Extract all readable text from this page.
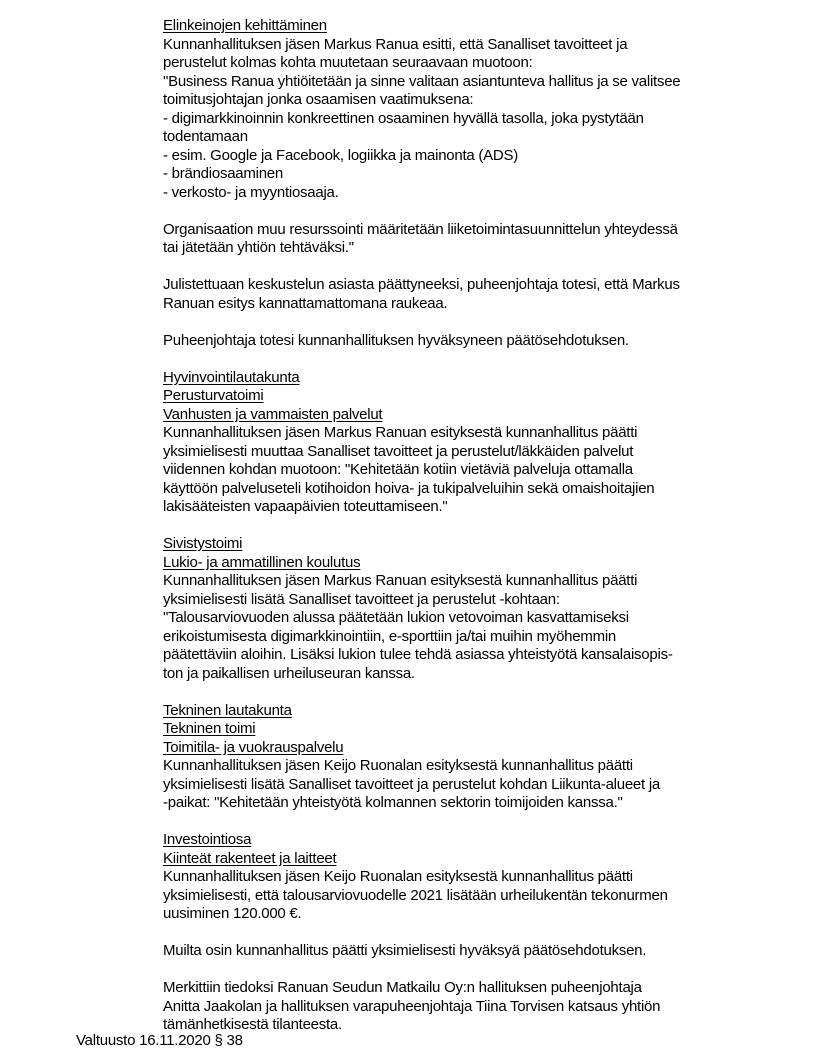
Elinkeinojen kehittäminen
Kunnanhallituksen jäsen Markus Ranua esitti, että Sanalliset tavoitteet ja
perustelut kolmas kohta muutetaan seuraavaan muotoon:
"Business Ranua yhtiöitetään ja sinne valitaan asiantunteva hallitus ja se valitsee
toimitusjohtajan jonka osaamisen vaatimuksena:
- digimarkkinoinnin konkreettinen osaaminen hyvällä tasolla, joka pystytään
todentamaan
- esim. Google ja Facebook, logiikka ja mainonta (ADS)
- brändiosaaminen
- verkosto- ja myyntiosaaja.
Organisaation muu resurssointi määritetään liiketoimintasuunnittelun yhteydessä
tai jätetään yhtiön tehtäväksi."
Julistettuaan keskustelun asiasta päättyneeksi, puheenjohtaja totesi, että Markus
Ranuan esitys kannattamattomana raukeaa.
Puheenjohtaja totesi kunnanhallituksen hyväksyneen päätösehdotuksen.
Hyvinvointilautakunta
Perusturvatoimi
Vanhusten ja vammaisten palvelut
Kunnanhallituksen jäsen Markus Ranuan esityksestä kunnanhallitus päätti
yksimielisesti muuttaa Sanalliset tavoitteet ja perustelut/läkkäiden palvelut
viidennen kohdan muotoon: "Kehitetään kotiin vietäviä palveluja ottamalla
käyttöön palveluseteli kotihoidon hoiva- ja tukipalveluihin sekä omaishoitajien
lakisääteisten vapaapäivien toteuttamiseen."
Sivistystoimi
Lukio- ja ammatillinen koulutus
Kunnanhallituksen jäsen Markus Ranuan esityksestä kunnanhallitus päätti
yksimielisesti lisätä Sanalliset tavoitteet ja perustelut -kohtaan:
"Talousarviovuoden alussa päätetään lukion vetovoiman kasvattamiseksi
erikoistumisesta digimarkkinointiin, e-sporttiin ja/tai muihin myöhemmin
päätettäviin aloihin. Lisäksi lukion tulee tehdä asiassa yhteistyötä kansalaisopis-
ton ja paikallisen urheiluseuran kanssa.
Tekninen lautakunta
Tekninen toimi
Toimitila- ja vuokrauspalvelu
Kunnanhallituksen jäsen Keijo Ruonalan esityksestä kunnanhallitus päätti
yksimielisesti lisätä Sanalliset tavoitteet ja perustelut kohdan Liikunta-alueet ja
-paikat: "Kehitetään yhteistyötä kolmannen sektorin toimijoiden kanssa."
Investointiosa
Kiinteät rakenteet ja laitteet
Kunnanhallituksen jäsen Keijo Ruonalan esityksestä kunnanhallitus päätti
yksimielisesti, että talousarviovuodelle 2021 lisätään urheilukentän tekonurmen
uusiminen 120.000 €.
Muilta osin kunnanhallitus päätti yksimielisesti hyväksyä päätösehdotuksen.
Merkittiin tiedoksi Ranuan Seudun Matkailu Oy:n hallituksen puheenjohtaja
Anitta Jaakolan ja hallituksen varapuheenjohtaja Tiina Torvisen katsaus yhtiön
tämänhetkisestä tilanteesta.
Valtuusto 16.11.2020 § 38
